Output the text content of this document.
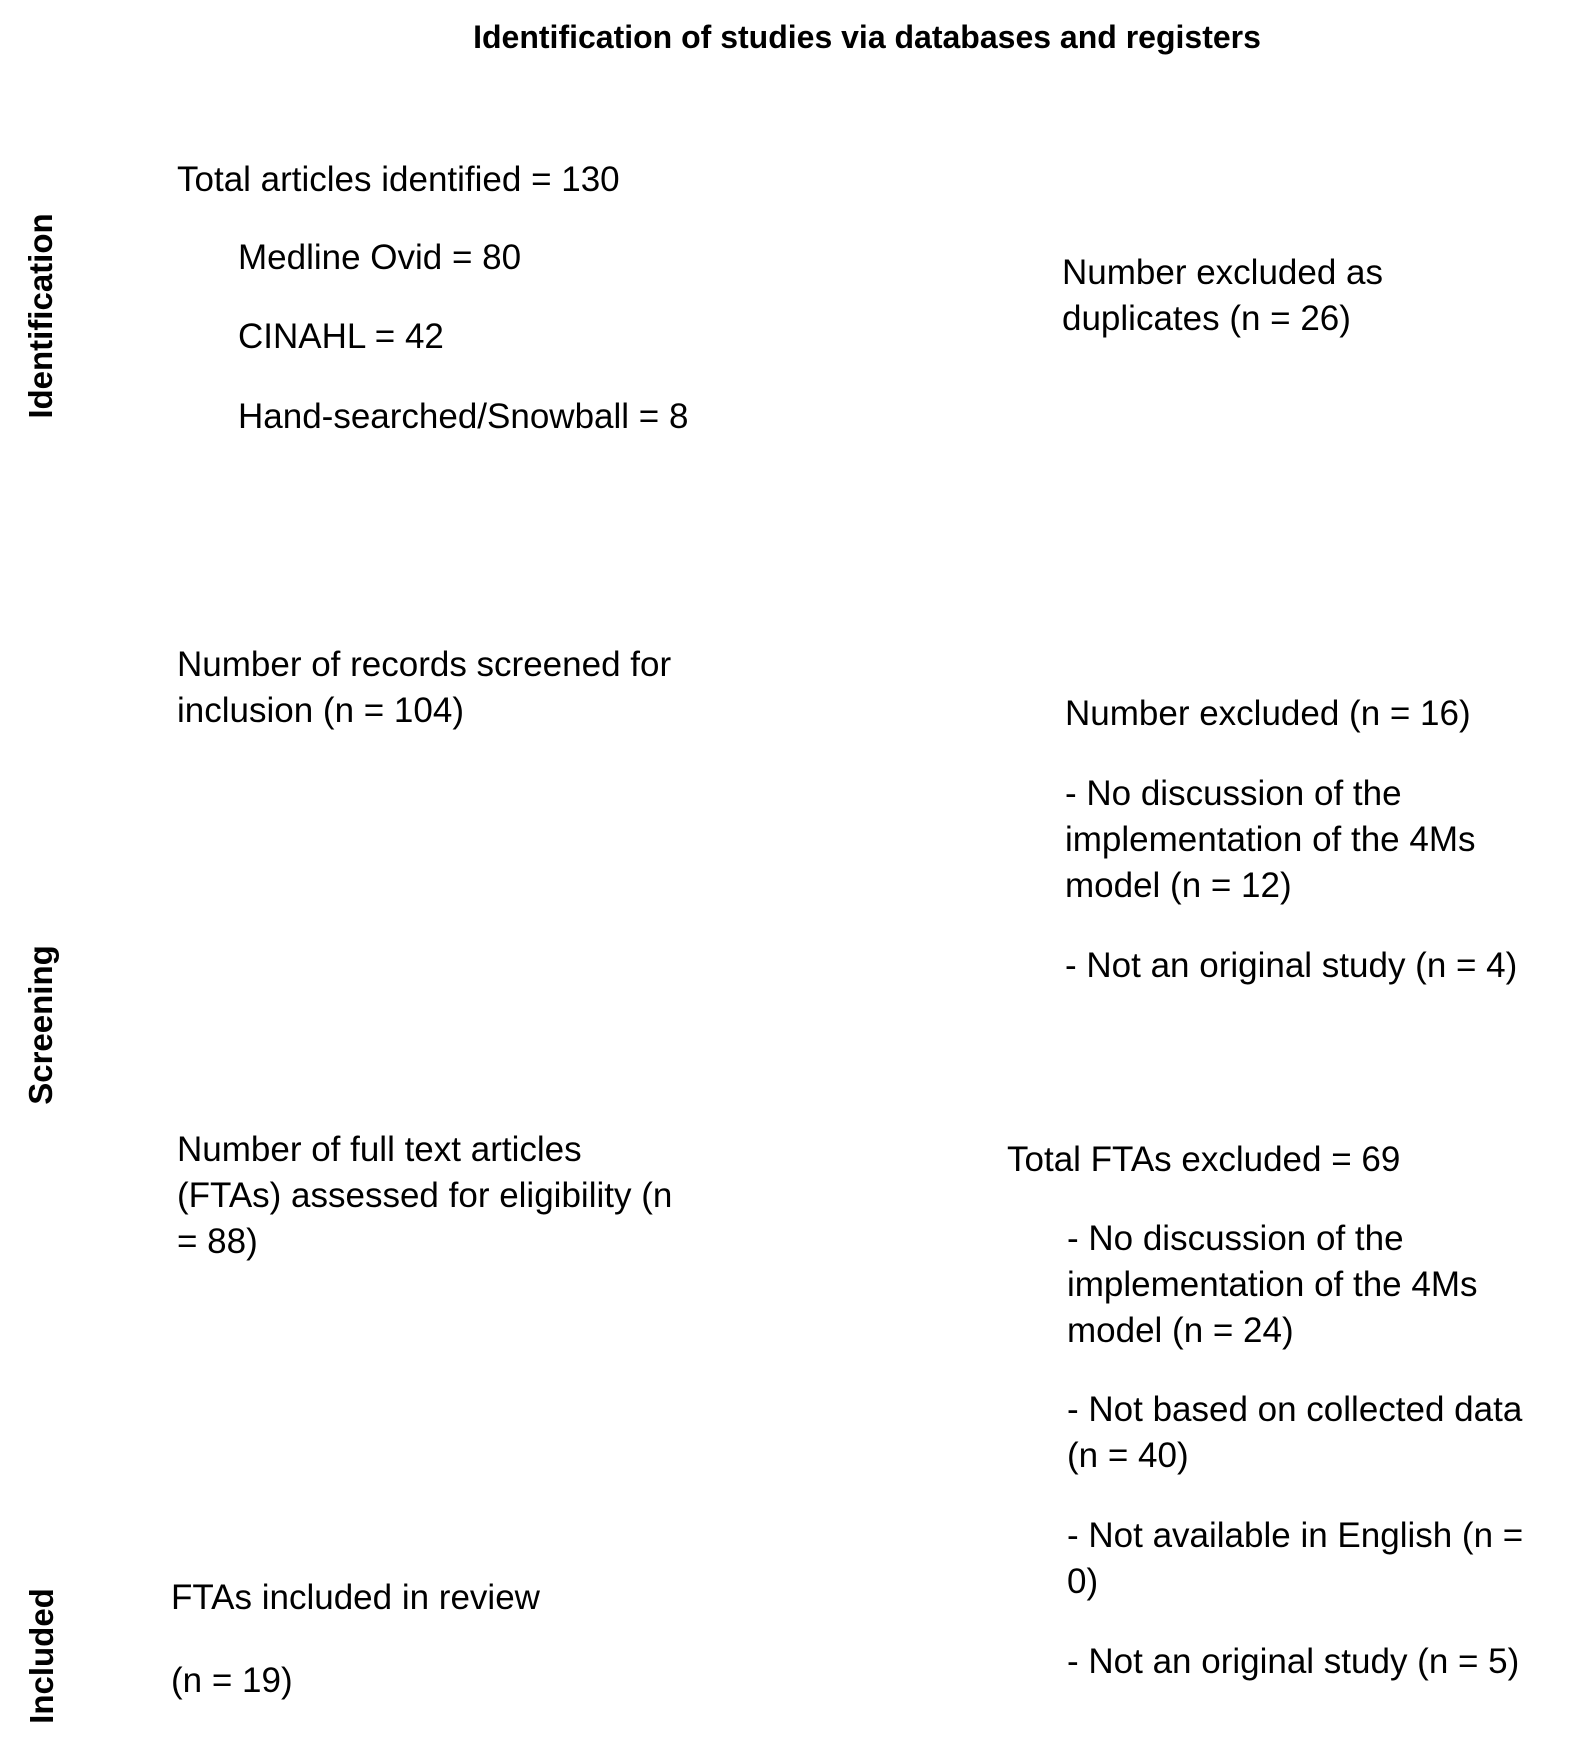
Identification of studies via databases and registers
Identification
Screening
Included
Total articles identified = 130
Medline Ovid = 80
CINAHL = 42
Hand-searched/Snowball = 8
Number excluded as
duplicates (n = 26)
Number of records screened for
inclusion (n = 104)	Number excluded (n = 16)
- No discussion of the
implementation of the 4Ms
model (n = 12)
- Not an original study (n = 4)
Number of full text articles
(FTAs) assessed for eligibility (n
= 88)
Total FTAs excluded = 69
- No discussion of the
implementation of the 4Ms
model (n = 24)
- Not based on collected data
(n = 40)
- Not available in English (n =
0)
- Not an original study (n = 5)
FTAs included in review
(n = 19)
